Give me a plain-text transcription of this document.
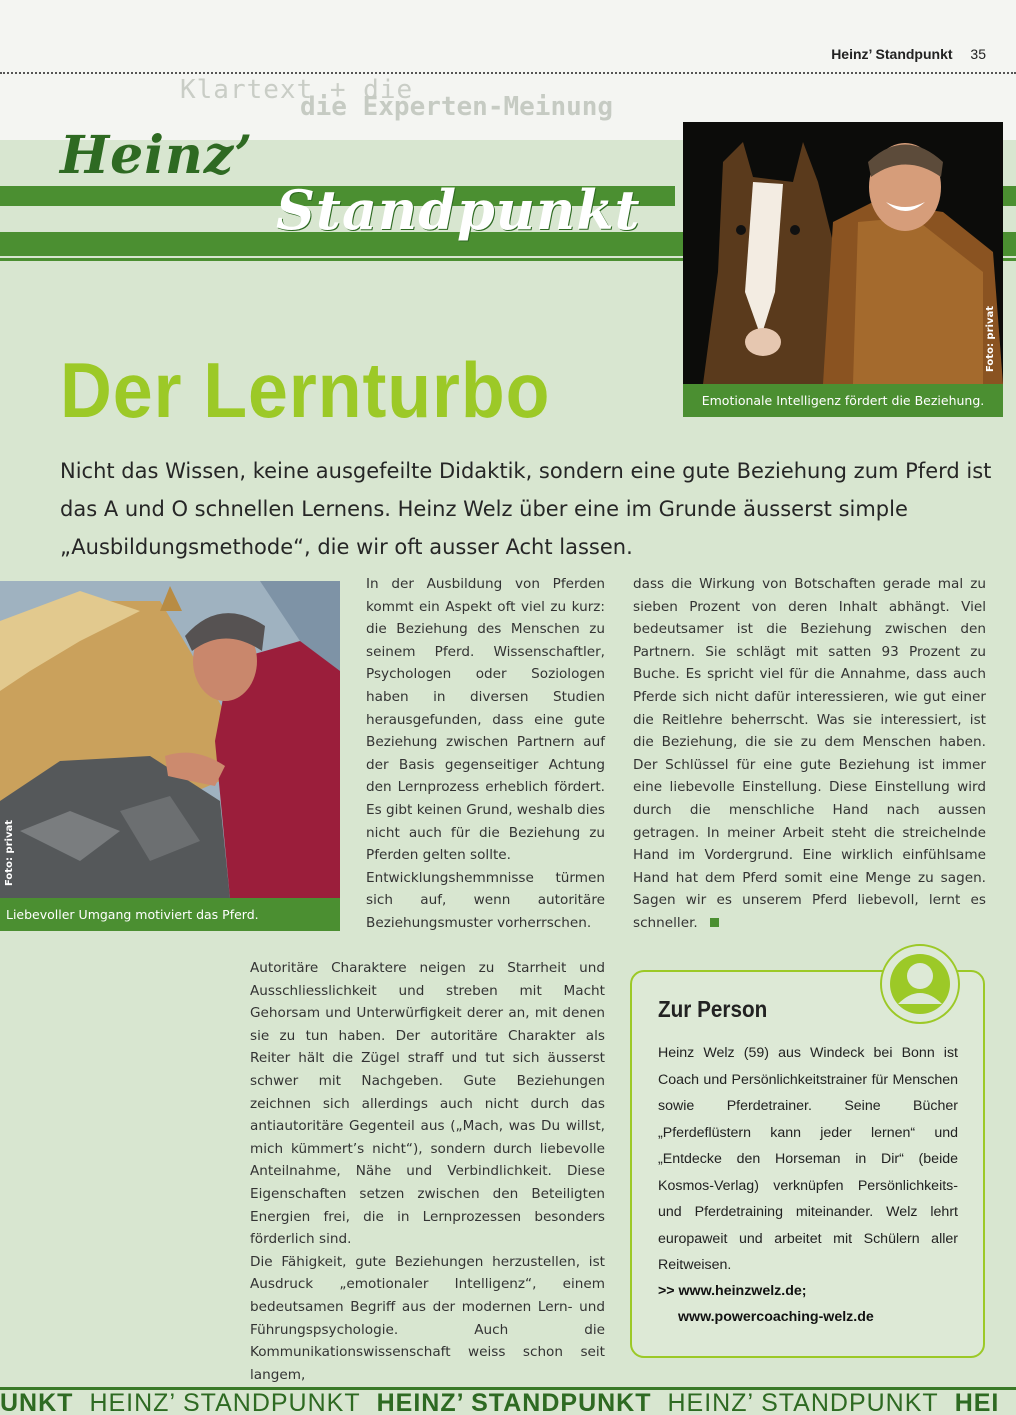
Klartext + die
die Experten-Meinung
Heinz’ Standpunkt 35
Heinz’
Standpunkt
Foto: privat
Emotionale Intelligenz fördert die Beziehung.
Der Lernturbo
Nicht das Wissen, keine ausgefeilte Didaktik, sondern eine gute Beziehung zum Pferd ist das A und O schnellen Lernens. Heinz Welz über eine im Grunde äusserst simple „Ausbildungsmethode“, die wir oft ausser Acht lassen.
Foto: privat
Liebevoller Umgang motiviert das Pferd.

In der Ausbildung von Pferden kommt ein Aspekt oft viel zu kurz: die Beziehung des Menschen zu seinem Pferd. Wissenschaftler, Psychologen oder Soziologen haben in diversen Studien herausgefunden, dass eine gute Beziehung zwischen Partnern auf der Basis gegenseitiger Achtung den Lernprozess erheblich fördert. Es gibt keinen Grund, weshalb dies nicht auch für die Beziehung zu Pferden gelten sollte.

Entwicklungshemmnisse türmen sich auf, wenn autoritäre Beziehungsmuster vorherrschen.

Autoritäre Charaktere neigen zu Starrheit und Ausschliesslichkeit und streben mit Macht Gehorsam und Unterwürfigkeit derer an, mit denen sie zu tun haben. Der autoritäre Charakter als Reiter hält die Zügel straff und tut sich äusserst schwer mit Nachgeben. Gute Beziehungen zeichnen sich allerdings auch nicht durch das antiautoritäre Gegenteil aus („Mach, was Du willst, mich kümmert’s nicht“), sondern durch liebevolle Anteilnahme, Nähe und Verbindlichkeit. Diese Eigenschaften setzen zwischen den Beteiligten Energien frei, die in Lernprozessen besonders förderlich sind.

Die Fähigkeit, gute Beziehungen herzustellen, ist Ausdruck „emotionaler Intelligenz“, einem bedeutsamen Begriff aus der modernen Lern- und Führungspsychologie. Auch die Kommunikationswissenschaft weiss schon seit langem,

dass die Wirkung von Botschaften gerade mal zu sieben Prozent von deren Inhalt abhängt. Viel bedeutsamer ist die Beziehung zwischen den Partnern. Sie schlägt mit satten 93 Prozent zu Buche. Es spricht viel für die Annahme, dass auch Pferde sich nicht dafür interessieren, wie gut einer die Reitlehre beherrscht. Was sie interessiert, ist die Beziehung, die sie zu dem Menschen haben. Der Schlüssel für eine gute Beziehung ist immer eine liebevolle Einstellung. Diese Einstellung wird durch die menschliche Hand nach aussen getragen. In meiner Arbeit steht die streichelnde Hand im Vordergrund. Eine wirklich einfühlsame Hand hat dem Pferd somit eine Menge zu sagen. Sagen wir es unserem Pferd liebevoll, lernt es schneller.

Zur Person
Heinz Welz (59) aus Windeck bei Bonn ist Coach und Persönlichkeitstrainer für Menschen sowie Pferdetrainer. Seine Bücher „Pferdeflüstern kann jeder lernen“ und „Entdecke den Horseman in Dir“ (beide Kosmos-Verlag) verknüpfen Persönlichkeits- und Pferdetraining miteinander. Welz lehrt europaweit und arbeitet mit Schülern aller Reitweisen.
>> www.heinzwelz.de;
www.powercoaching-welz.de
UNKT HEINZ’ STANDPUNKT HEINZ’ STANDPUNKT HEINZ’ STANDPUNKT HEI
